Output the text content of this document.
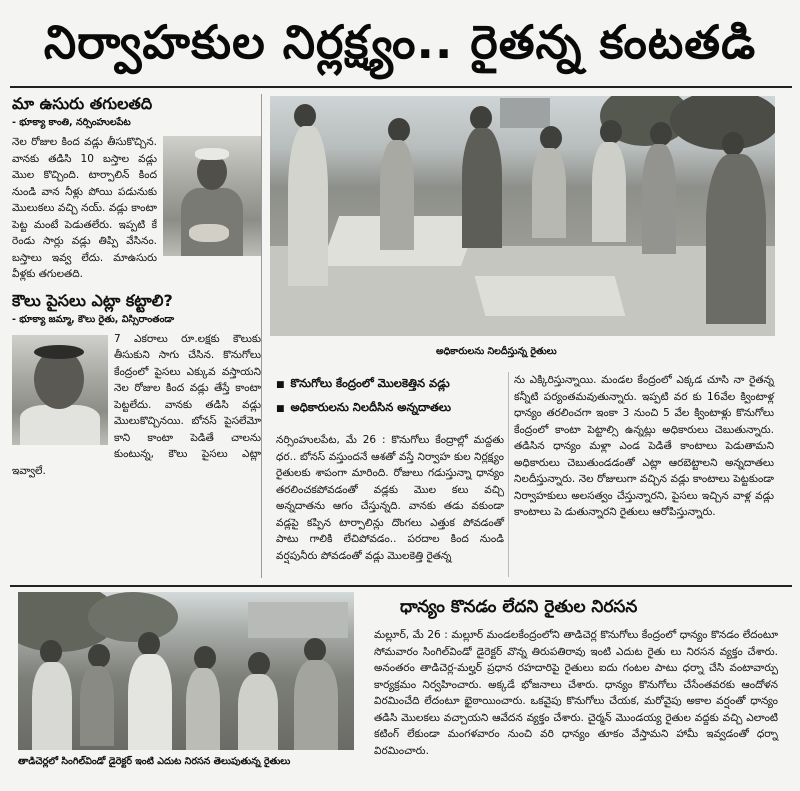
నిర్వాహకుల నిర్లక్ష్యం.. రైతన్న కంటతడి
మా ఉసురు తగులతది
- భూక్యా కాంతి, నర్సింహులపేట
నెల రోజుల కింద వడ్లు తీసుకొచ్చిన. వానకు తడిసి 10 బస్తాల వడ్లు మొల కొచ్చింది. టార్పాలిన్ కింద నుండి వాన నీళ్లు పోయి పడునుకు మొలుకలు వచ్చి నయ్. వడ్లు కాంటా పెట్ట మంటే పెడుతలేరు. ఇప్పటి కే రెండు సార్లు వడ్లు తిప్పి వేసినం. బస్తాలు ఇవ్వ లేదు. మాఉసురు వీళ్లకు తగులతది.
కౌలు పైసలు ఎట్లా కట్టాలి?
- భూక్యా జమ్మా, కౌలు రైతు, విస్సిరాంతండా
7 ఎకరాలు రూ.లక్షకు కౌలుకు తీసుకుని సాగు చేసిన. కొనుగోలు కేంద్రంలో పైసలు ఎక్కువ వస్తాయని నెల రోజుల కింద వడ్లు తేస్తే కాంటా పెట్టలేదు. వానకు తడిసి వడ్లు మొలుకొచ్చినయి. బోనస్ పైసలేమో కాని కాంటా పెడితే చాలను కుంటున్న, కౌలు పైసలు ఎట్లా ఇవ్వాలే.
అధికారులను నిలదీస్తున్న రైతులు
■ కొనుగోలు కేంద్రంలో మొలకెత్తిన వడ్లు
■ అధికారులను నిలదీసిన అన్నదాతలు
నర్సింహులపేట, మే 26 : కొనుగోలు కేంద్రాల్లో మద్దతు ధర.. బోనస్ వస్తుందనే ఆశతో వస్తే నిర్వాహ కుల నిర్లక్ష్యం రైతులకు శాపంగా మారింది. రోజులు గడుస్తున్నా ధాన్యం తరలించకపోవడంతో వడ్లకు మొల కలు వచ్చి అన్నదాతను ఆగం చేస్తున్నది. వానకు తడు వకుండా వడ్లపై కప్పిన టార్పాలిన్లు దొంగలు ఎత్తుక పోవడంతో పాటు గాలికి లేచిపోవడం.. పరదాల కింద నుండి వర్షపునీరు పోవడంతో వడ్లు మొలకెత్తి రైతన్న
ను ఎక్కిరిస్తున్నాయి. మండల కేంద్రంలో ఎక్కడ చూసి నా రైతన్న కన్నీటి పర్యంతమవుతున్నారు. ఇప్పటి వర కు 16వేల క్వింటాళ్ల ధాన్యం తరలించగా ఇంకా 3 నుంచి 5 వేల క్వింటాళ్లు కొనుగోలు కేంద్రంలో కాంటా పెట్టాల్సి ఉన్నట్లు అధికారులు చెబుతున్నారు. తడిసిన ధాన్యం మళ్లా ఎండ పెడితే కాంటాలు పెడుతామని అధికారులు చెబుతుండడంతో ఎట్లా ఆరబెట్టాలని అన్నదాతలు నిలదీస్తున్నారు. నెల రోజులుగా వచ్చిన వడ్లు కాంటాలు పెట్టకుండా నిర్వాహకులు అలసత్వం చేస్తున్నారని, పైసలు ఇచ్చిన వాళ్ల వడ్లు కాంటాలు పె డుతున్నారని రైతులు ఆరోపిస్తున్నారు.
తాడిచెర్లలో సింగిల్‌విండో డైరెక్టర్ ఇంటి ఎదుట నిరసన తెలుపుతున్న రైతులు
ధాన్యం కొనడం లేదని రైతుల నిరసన
మల్లూర్, మే 26 : మల్లూర్ మండలకేంద్రంలోని తాడిచెర్ల కొనుగోలు కేంద్రంలో ధాన్యం కొనడం లేదంటూ సోమవారం సింగిల్‌విండో డైరెక్టర్ వొన్న తిరుపతిరావు ఇంటి ఎదుట రైతు లు నిరసన వ్యక్తం చేశారు. అనంతరం తాడిచెర్ల-మల్హర్ ప్రధాన రహదారిపై రైతులు ఐదు గంటల పాటు ధర్నా చేసి వంటావార్పు కార్యక్రమం నిర్వహించారు. అక్కడే భోజనాలు చేశారు. ధాన్యం కొనుగోలు చేసేంతవరకు ఆందోళన విరమించేది లేదంటూ భైఠాయించారు. ఒకవైపు కొనుగోలు చేయక, మరోవైపు అకాల వర్షంతో ధాన్యం తడిసి మొలకలు వచ్చాయని ఆవేదన వ్యక్తం చేశారు. చైర్మన్ మొండయ్య రైతుల వద్దకు వచ్చి ఎలాంటి కటింగ్ లేకుండా మంగళవారం నుంచి వరి ధాన్యం తూకం వేస్తామని హామీ ఇవ్వడంతో ధర్నా విరమించారు.
